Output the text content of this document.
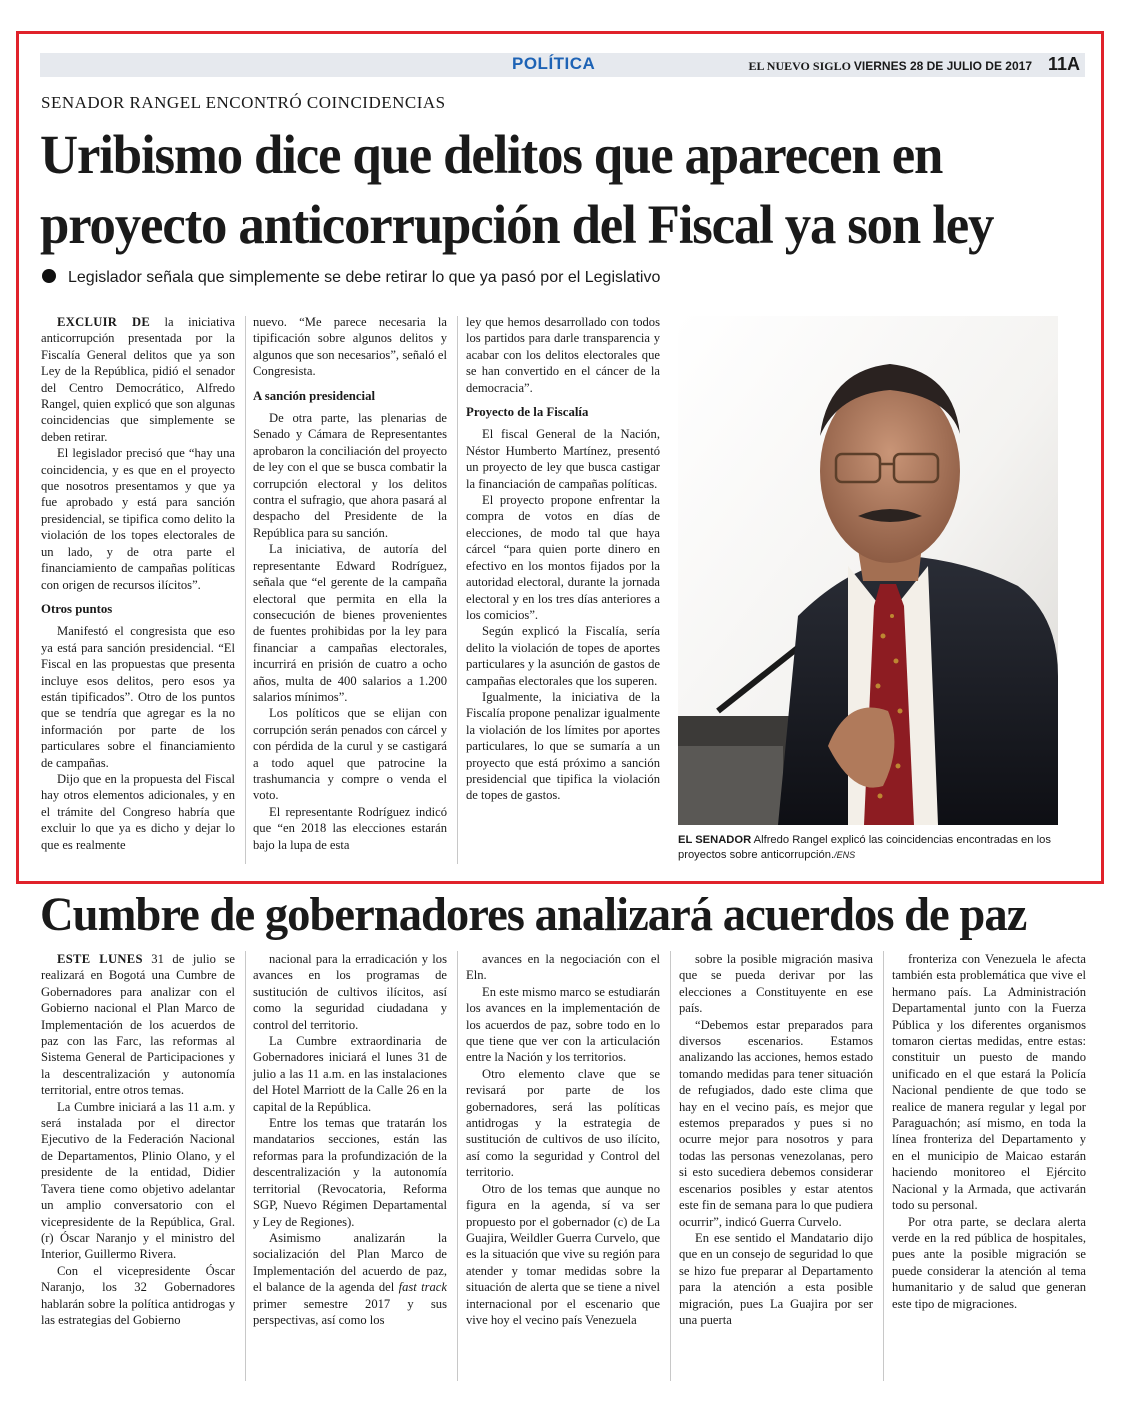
POLÍTICA	EL NUEVO SIGLO VIERNES 28 DE JULIO DE 2017 11A
SENADOR RANGEL ENCONTRÓ COINCIDENCIAS
Uribismo dice que delitos que aparecen en
proyecto anticorrupción del Fiscal ya son ley
Legislador señala que simplemente se debe retirar lo que ya pasó por el Legislativo

EXCLUIR DE la iniciativa anticorrupción presentada por la Fiscalía General delitos que ya son Ley de la República, pidió el senador del Centro Democrático, Alfredo Rangel, quien explicó que son algunas coincidencias que simplemente se deben retirar.

El legislador precisó que “hay una coincidencia, y es que en el proyecto que nosotros presentamos y que ya fue aprobado y está para sanción presidencial, se tipifica como delito la violación de los topes electorales de un lado, y de otra parte el financiamiento de campañas políticas con origen de recursos ilícitos”.

Otros puntos

Manifestó el congresista que eso ya está para sanción presidencial. “El Fiscal en las propuestas que presenta incluye esos delitos, pero esos ya están tipificados”. Otro de los puntos que se tendría que agregar es la no información por parte de los particulares sobre el financiamiento de campañas.

Dijo que en la propuesta del Fiscal hay otros elementos adicionales, y en el trámite del Congreso habría que excluir lo que ya es dicho y dejar lo que es realmente

nuevo. “Me parece necesaria la tipificación sobre algunos delitos y algunos que son necesarios”, señaló el Congresista.

A sanción presidencial

De otra parte, las plenarias de Senado y Cámara de Representantes aprobaron la conciliación del proyecto de ley con el que se busca combatir la corrupción electoral y los delitos contra el sufragio, que ahora pasará al despacho del Presidente de la República para su sanción.

La iniciativa, de autoría del representante Edward Rodríguez, señala que “el gerente de la campaña electoral que permita en ella la consecución de bienes provenientes de fuentes prohibidas por la ley para financiar a campañas electorales, incurrirá en prisión de cuatro a ocho años, multa de 400 salarios a 1.200 salarios mínimos”.

Los políticos que se elijan con corrupción serán penados con cárcel y con pérdida de la curul y se castigará a todo aquel que patrocine la trashumancia y compre o venda el voto.

El representante Rodríguez indicó que “en 2018 las elecciones estarán bajo la lupa de esta

ley que hemos desarrollado con todos los partidos para darle transparencia y acabar con los delitos electorales que se han convertido en el cáncer de la democracia”.

Proyecto de la Fiscalía

El fiscal General de la Nación, Néstor Humberto Martínez, presentó un proyecto de ley que busca castigar la financiación de campañas políticas.

El proyecto propone enfrentar la compra de votos en días de elecciones, de modo tal que haya cárcel “para quien porte dinero en efectivo en los montos fijados por la autoridad electoral, durante la jornada electoral y en los tres días anteriores a los comicios”.

Según explicó la Fiscalía, sería delito la violación de topes de aportes particulares y la asunción de gastos de campañas electorales que los superen.

Igualmente, la iniciativa de la Fiscalía propone penalizar igualmente la violación de los límites por aportes particulares, lo que se sumaría a un proyecto que está próximo a sanción presidencial que tipifica la violación de topes de gastos.

EL SENADOR Alfredo Rangel explicó las coincidencias encontradas en los proyectos sobre anticorrupción./ENS
Cumbre de gobernadores analizará acuerdos de paz

ESTE LUNES 31 de julio se realizará en Bogotá una Cumbre de Gobernadores para analizar con el Gobierno nacional el Plan Marco de Implementación de los acuerdos de paz con las Farc, las reformas al Sistema General de Participaciones y la descentralización y autonomía territorial, entre otros temas.

La Cumbre iniciará a las 11 a.m. y será instalada por el director Ejecutivo de la Federación Nacional de Departamentos, Plinio Olano, y el presidente de la entidad, Didier Tavera tiene como objetivo adelantar un amplio conversatorio con el vicepresidente de la República, Gral. (r) Óscar Naranjo y el ministro del Interior, Guillermo Rivera.

Con el vicepresidente Óscar Naranjo, los 32 Gobernadores hablarán sobre la política antidrogas y las estrategias del Gobierno

nacional para la erradicación y los avances en los programas de sustitución de cultivos ilícitos, así como la seguridad ciudadana y control del territorio.

La Cumbre extraordinaria de Gobernadores iniciará el lunes 31 de julio a las 11 a.m. en las instalaciones del Hotel Marriott de la Calle 26 en la capital de la República.

Entre los temas que tratarán los mandatarios secciones, están las reformas para la profundización de la descentralización y la autonomía territorial (Revocatoria, Reforma SGP, Nuevo Régimen Departamental y Ley de Regiones).

Asimismo analizarán la socialización del Plan Marco de Implementación del acuerdo de paz, el balance de la agenda del fast track primer semestre 2017 y sus perspectivas, así como los

avances en la negociación con el Eln.

En este mismo marco se estudiarán los avances en la implementación de los acuerdos de paz, sobre todo en lo que tiene que ver con la articulación entre la Nación y los territorios.

Otro elemento clave que se revisará por parte de los gobernadores, será las políticas antidrogas y la estrategia de sustitución de cultivos de uso ilícito, así como la seguridad y Control del territorio.

Otro de los temas que aunque no figura en la agenda, sí va ser propuesto por el gobernador (c) de La Guajira, Weildler Guerra Curvelo, que es la situación que vive su región para atender y tomar medidas sobre la situación de alerta que se tiene a nivel internacional por el escenario que vive hoy el vecino país Venezuela

sobre la posible migración masiva que se pueda derivar por las elecciones a Constituyente en ese país.

“Debemos estar preparados para diversos escenarios. Estamos analizando las acciones, hemos estado tomando medidas para tener situación de refugiados, dado este clima que hay en el vecino país, es mejor que estemos preparados y pues si no ocurre mejor para nosotros y para todas las personas venezolanas, pero si esto sucediera debemos considerar escenarios posibles y estar atentos este fin de semana para lo que pudiera ocurrir”, indicó Guerra Curvelo.

En ese sentido el Mandatario dijo que en un consejo de seguridad lo que se hizo fue preparar al Departamento para la atención a esta posible migración, pues La Guajira por ser una puerta

fronteriza con Venezuela le afecta también esta problemática que vive el hermano país. La Administración Departamental junto con la Fuerza Pública y los diferentes organismos tomaron ciertas medidas, entre estas: constituir un puesto de mando unificado en el que estará la Policía Nacional pendiente de que todo se realice de manera regular y legal por Paraguachón; así mismo, en toda la línea fronteriza del Departamento y en el municipio de Maicao estarán haciendo monitoreo el Ejército Nacional y la Armada, que activarán todo su personal.

Por otra parte, se declara alerta verde en la red pública de hospitales, pues ante la posible migración se puede considerar la atención al tema humanitario y de salud que generan este tipo de migraciones.
